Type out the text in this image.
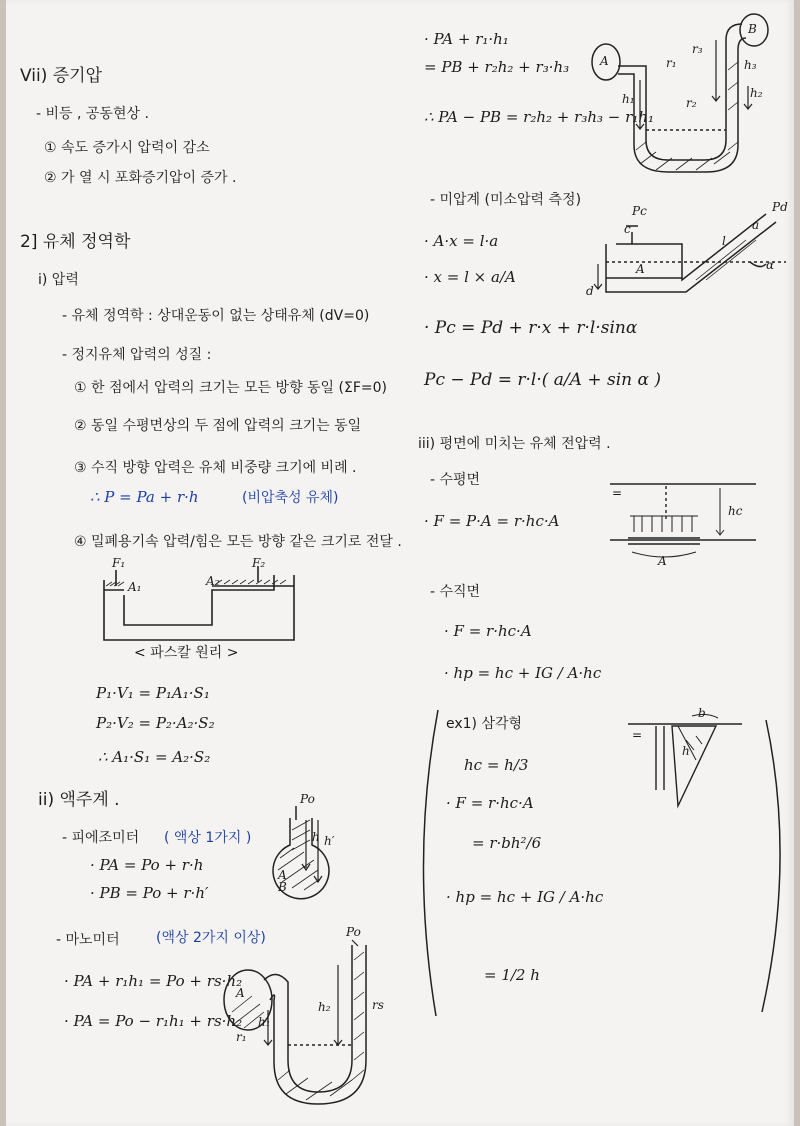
Vii) 증기압
- 비등 , 공동현상 .
① 속도 증가시 압력이 감소
② 가 열 시 포화증기압이 증가 .
2] 유체 정역학
i) 압력
- 유체 정역학 : 상대운동이 없는 상태유체 (dV=0)
- 정지유체 압력의 성질 :
① 한 점에서 압력의 크기는 모든 방향 동일 (ΣF=0)
② 동일 수평면상의 두 점에 압력의 크기는 동일
③ 수직 방향 압력은 유체 비중량 크기에 비례 .
∴ P = Pa + r·h	(비압축성 유체)
④ 밀폐용기속 압력/힘은 모든 방향 같은 크기로 전달 .
F₁
A₁	A₂
F₂
< 파스칼 원리 >
P₁·V₁ = P₁A₁·S₁
P₂·V₂ = P₂·A₂·S₂
∴ A₁·S₁ = A₂·S₂
ii) 액주계 .
- 피에조미터 ( 액상 1가지 )
· PA = Po + r·h
· PB = Po + r·h′
Po
h h′
A
B
- 마노미터	(액상 2가지 이상)
· PA + r₁h₁ = Po + rs·h₂
· PA = Po − r₁h₁ + rs·h₂
Po
A
r₁
h₁
h₂	rs
· PA + r₁·h₁
= PB + r₂h₂ + r₃·h₃
∴ PA − PB = r₂h₂ + r₃h₃ − r₁h₁
A
B
r₁
r₃
r₂
h₁
h₃
h₂
- 미압계 (미소압력 측정)
· A·x = l·a
· x = l × a/A
· Pc = Pd + r·x + r·l·sinα
Pc − Pd = r·l·( a/A + sin α )
Pc
c
A
d
l
a
α
Pd
iii) 평면에 미치는 유체 전압력 .
- 수평면
· F = P·A = r·hc·A
=
hc
A
- 수직면
· F = r·hc·A
· hp = hc + IG / A·hc
ex1) 삼각형
hc = h/3
· F = r·hc·A
= r·bh²/6
· hp = hc + IG / A·hc
= 1/2 h
b
h
=
